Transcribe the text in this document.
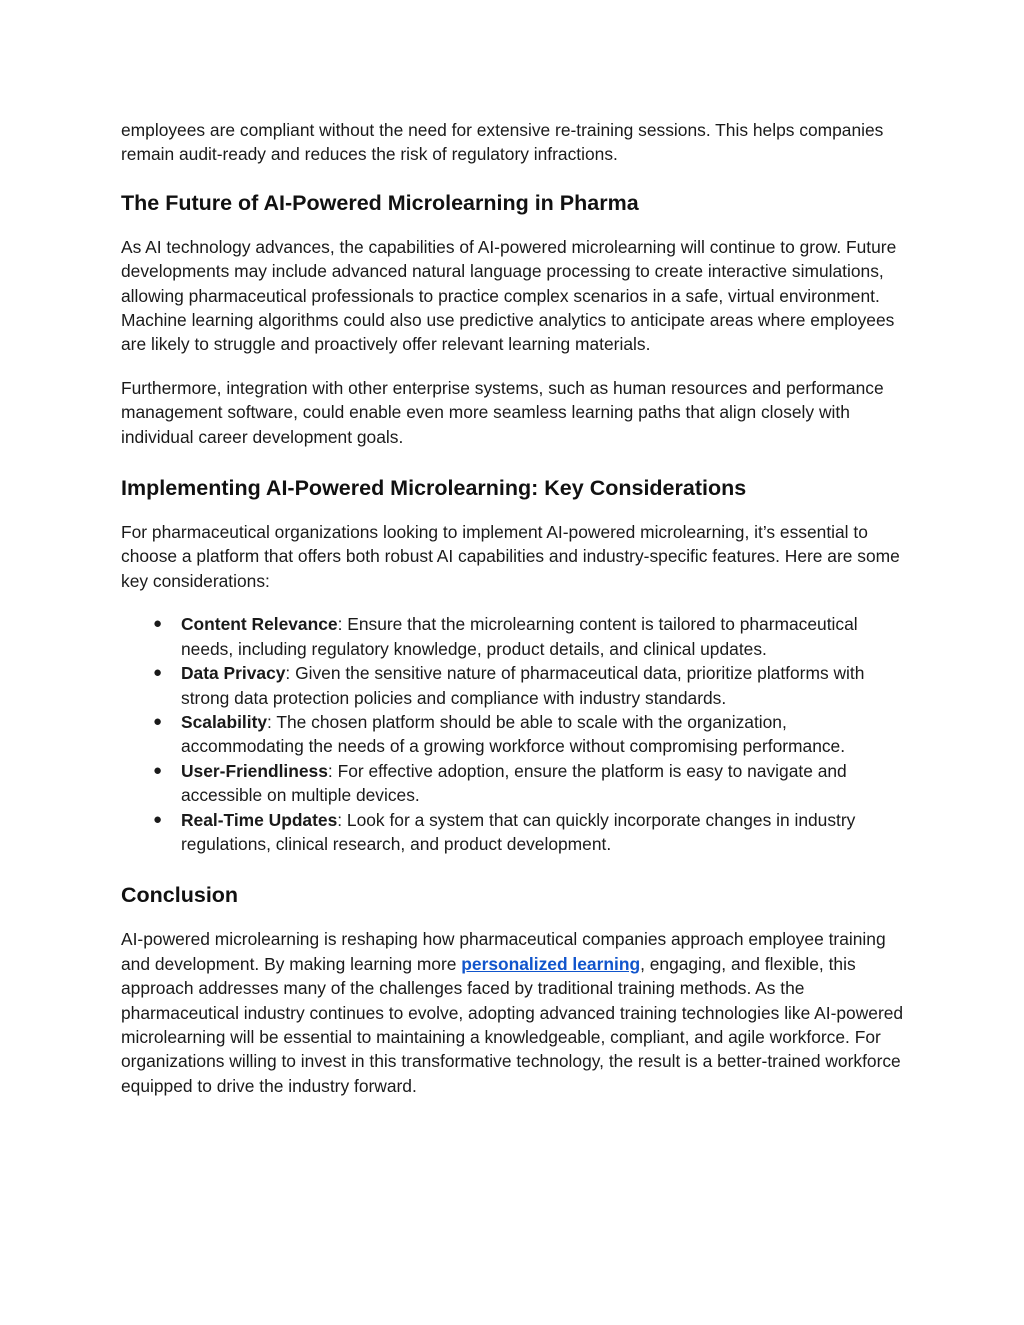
employees are compliant without the need for extensive re-training sessions. This helps companies remain audit-ready and reduces the risk of regulatory infractions.

The Future of AI-Powered Microlearning in Pharma

As AI technology advances, the capabilities of AI-powered microlearning will continue to grow. Future developments may include advanced natural language processing to create interactive simulations, allowing pharmaceutical professionals to practice complex scenarios in a safe, virtual environment. Machine learning algorithms could also use predictive analytics to anticipate areas where employees are likely to struggle and proactively offer relevant learning materials.

Furthermore, integration with other enterprise systems, such as human resources and performance management software, could enable even more seamless learning paths that align closely with individual career development goals.

Implementing AI-Powered Microlearning: Key Considerations

For pharmaceutical organizations looking to implement AI-powered microlearning, it’s essential to choose a platform that offers both robust AI capabilities and industry-specific features. Here are some key considerations:

● Content Relevance: Ensure that the microlearning content is tailored to pharmaceutical needs, including regulatory knowledge, product details, and clinical updates.
● Data Privacy: Given the sensitive nature of pharmaceutical data, prioritize platforms with strong data protection policies and compliance with industry standards.
● Scalability: The chosen platform should be able to scale with the organization, accommodating the needs of a growing workforce without compromising performance.
● User-Friendliness: For effective adoption, ensure the platform is easy to navigate and accessible on multiple devices.
● Real-Time Updates: Look for a system that can quickly incorporate changes in industry regulations, clinical research, and product development.
Conclusion

AI-powered microlearning is reshaping how pharmaceutical companies approach employee training and development. By making learning more personalized learning, engaging, and flexible, this approach addresses many of the challenges faced by traditional training methods. As the pharmaceutical industry continues to evolve, adopting advanced training technologies like AI-powered microlearning will be essential to maintaining a knowledgeable, compliant, and agile workforce. For organizations willing to invest in this transformative technology, the result is a better-trained workforce equipped to drive the industry forward.
